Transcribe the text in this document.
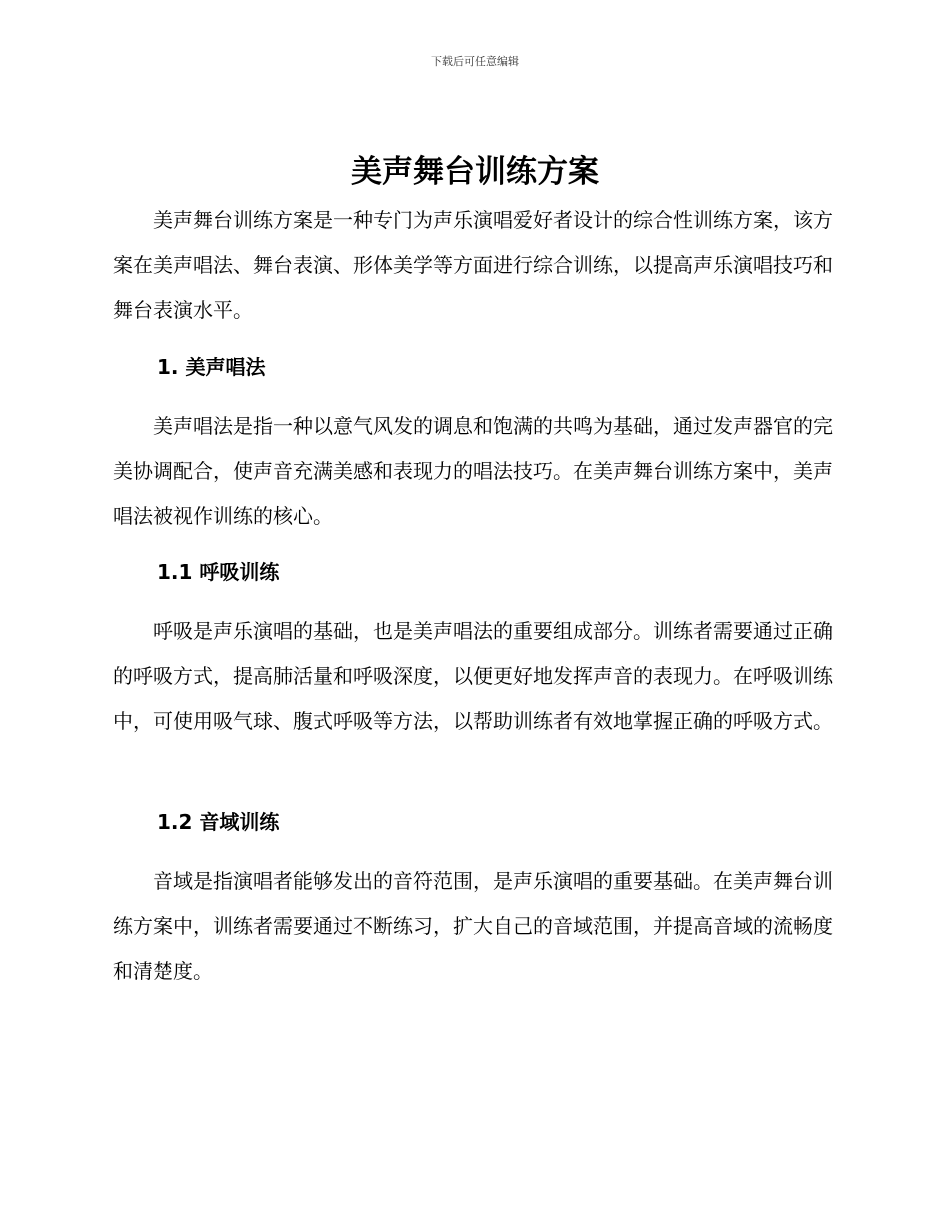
下载后可任意编辑
美声舞台训练方案

美声舞台训练方案是一种专门为声乐演唱爱好者设计的综合性训练方案，该方案在美声唱法、舞台表演、形体美学等方面进行综合训练，以提高声乐演唱技巧和舞台表演水平。

1. 美声唱法

美声唱法是指一种以意气风发的调息和饱满的共鸣为基础，通过发声器官的完美协调配合，使声音充满美感和表现力的唱法技巧。在美声舞台训练方案中，美声唱法被视作训练的核心。

1.1 呼吸训练

呼吸是声乐演唱的基础，也是美声唱法的重要组成部分。训练者需要通过正确的呼吸方式，提高肺活量和呼吸深度，以便更好地发挥声音的表现力。在呼吸训练中，可使用吸气球、腹式呼吸等方法，以帮助训练者有效地掌握正确的呼吸方式。

1.2 音域训练

音域是指演唱者能够发出的音符范围，是声乐演唱的重要基础。在美声舞台训练方案中，训练者需要通过不断练习，扩大自己的音域范围，并提高音域的流畅度和清楚度。
